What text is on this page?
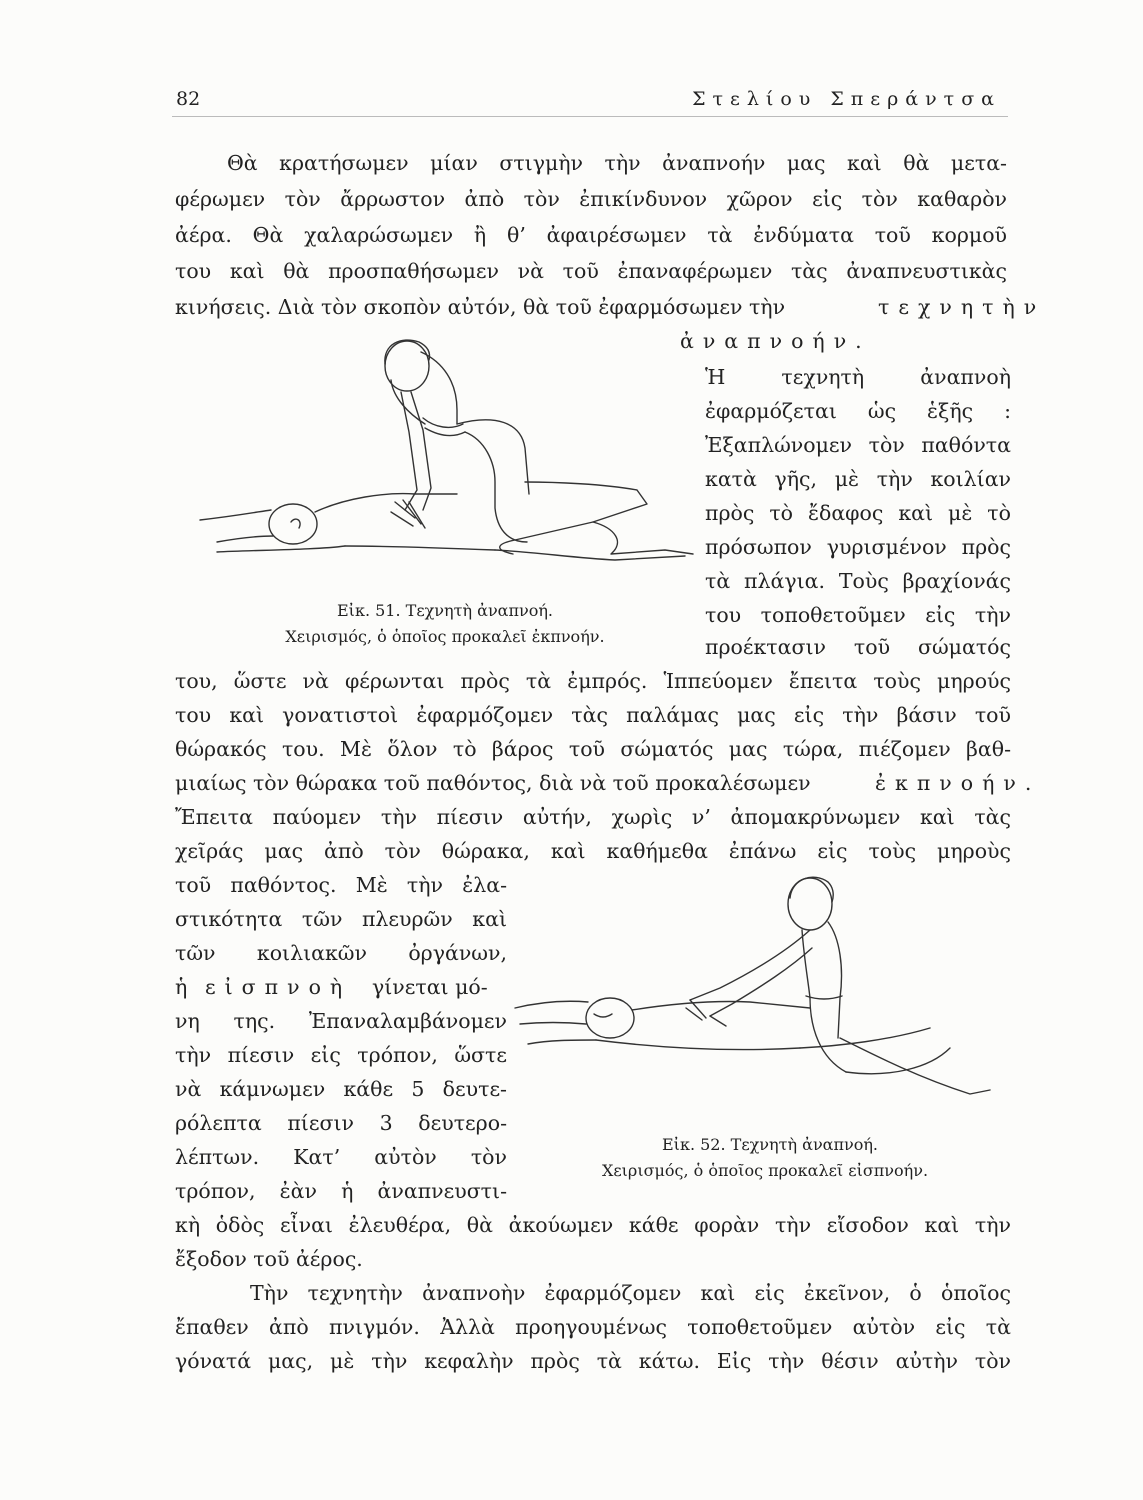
82	Στελίου Σπεράντσα
Θὰ κρατήσωμεν μίαν στιγμὴν τὴν ἀναπνοήν μας καὶ θὰ μετα-
φέρωμεν τὸν ἄρρωστον ἀπὸ τὸν ἐπικίνδυνον χῶρον εἰς τὸν καθαρὸν
ἀέρα. Θὰ χαλαρώσωμεν ἢ θ’ ἀφαιρέσωμεν τὰ ἐνδύματα τοῦ κορμοῦ
του καὶ θὰ προσπαθήσωμεν νὰ τοῦ ἐπαναφέρωμεν τὰς ἀναπνευστικὰς
κινήσεις. Διὰ τὸν σκοπὸν αὐτόν, θὰ τοῦ ἐφαρμόσωμεν τὴν	τεχνητὴν
ἀναπνοήν.
Εἰκ. 51. Τεχνητὴ ἀναπνοή.
Χειρισμός, ὁ ὁποῖος προκαλεῖ ἐκπνοήν.
Ἡ τεχνητὴ ἀναπνοὴ
ἐφαρμόζεται ὡς ἑξῆς :
Ἐξαπλώνομεν τὸν παθόντα
κατὰ γῆς, μὲ τὴν κοιλίαν
πρὸς τὸ ἔδαφος καὶ μὲ τὸ
πρόσωπον γυρισμένον πρὸς
τὰ πλάγια. Τοὺς βραχίονάς
του τοποθετοῦμεν εἰς τὴν
προέκτασιν τοῦ σώματός
του, ὥστε νὰ φέρωνται πρὸς τὰ ἐμπρός. Ἱππεύομεν ἔπειτα τοὺς μηρούς
του καὶ γονατιστοὶ ἐφαρμόζομεν τὰς παλάμας μας εἰς τὴν βάσιν τοῦ
θώρακός του. Μὲ ὅλον τὸ βάρος τοῦ σώματός μας τώρα, πιέζομεν βαθ-
μιαίως τὸν θώρακα τοῦ παθόντος, διὰ νὰ τοῦ προκαλέσωμεν	ἐκπνοήν.
Ἔπειτα παύομεν τὴν πίεσιν αὐτήν, χωρὶς ν’ ἀπομακρύνωμεν καὶ τὰς
χεῖράς μας ἀπὸ τὸν θώρακα, καὶ καθήμεθα ἐπάνω εἰς τοὺς μηροὺς
τοῦ παθόντος. Μὲ τὴν ἐλα-
στικότητα τῶν πλευρῶν καὶ
τῶν κοιλιακῶν ὀργάνων,
ἡ εἰσπνοὴ γίνεται μό-
νη της. Ἐπαναλαμβάνομεν
τὴν πίεσιν εἰς τρόπον, ὥστε
νὰ κάμνωμεν κάθε 5 δευτε-
ρόλεπτα πίεσιν 3 δευτερο-
λέπτων. Κατ’ αὐτὸν τὸν
τρόπον, ἐὰν ἡ ἀναπνευστι-
Εἰκ. 52. Τεχνητὴ ἀναπνοή.
Χειρισμός, ὁ ὁποῖος προκαλεῖ εἰσπνοήν.
κὴ ὁδὸς εἶναι ἐλευθέρα, θὰ ἀκούωμεν κάθε φορὰν τὴν εἴσοδον καὶ τὴν
ἔξοδον τοῦ ἀέρος.
Τὴν τεχνητὴν ἀναπνοὴν ἐφαρμόζομεν καὶ εἰς ἐκεῖνον, ὁ ὁποῖος
ἔπαθεν ἀπὸ πνιγμόν. Ἀλλὰ προηγουμένως τοποθετοῦμεν αὐτὸν εἰς τὰ
γόνατά μας, μὲ τὴν κεφαλὴν πρὸς τὰ κάτω. Εἰς τὴν θέσιν αὐτὴν τὸν
